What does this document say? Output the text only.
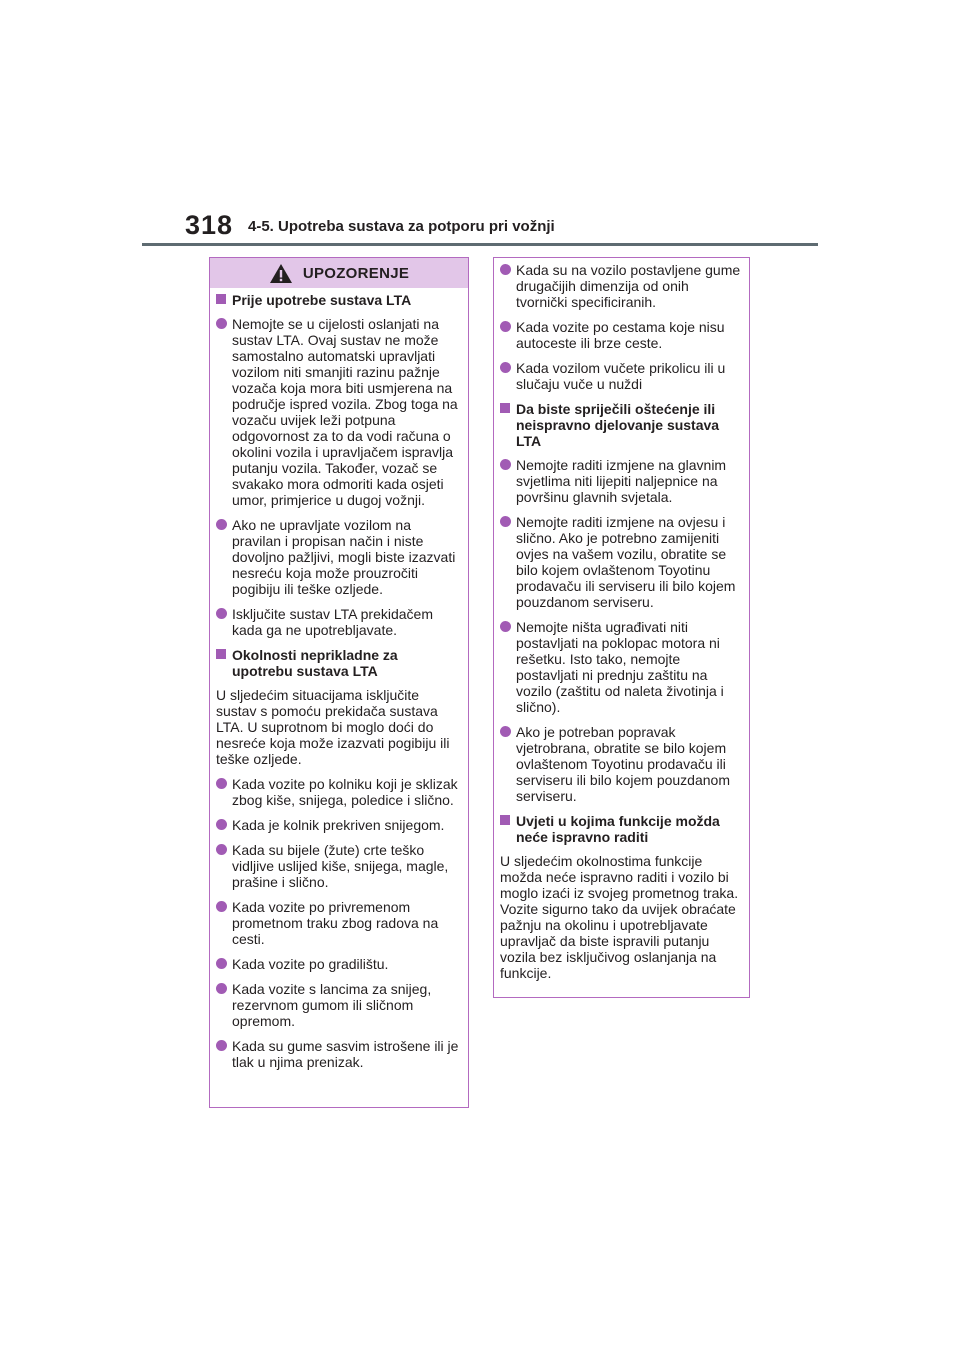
318 4-5. Upotreba sustava za potporu pri vožnji
UPOZORENJE
Prije upotrebe sustava LTA
Nemojte se u cijelosti oslanjati na sustav LTA. Ovaj sustav ne može samostalno automatski upravljati vozilom niti smanjiti razinu pažnje vozača koja mora biti usmjerena na područje ispred vozila. Zbog toga na vozaču uvijek leži potpuna odgovornost za to da vodi računa o okolini vozila i upravljačem ispravlja putanju vozila. Također, vozač se svakako mora odmoriti kada osjeti umor, primjerice u dugoj vožnji.
Ako ne upravljate vozilom na pravilan i propisan način i niste dovoljno pažljivi, mogli biste izazvati nesreću koja može prouzročiti pogibiju ili teške ozljede.
Isključite sustav LTA prekidačem kada ga ne upotrebljavate.
Okolnosti neprikladne za upotrebu sustava LTA
U sljedećim situacijama isključite sustav s pomoću prekidača sustava LTA. U suprotnom bi moglo doći do nesreće koja može izazvati pogibiju ili teške ozljede.
Kada vozite po kolniku koji je sklizak zbog kiše, snijega, poledice i slično.
Kada je kolnik prekriven snijegom.
Kada su bijele (žute) crte teško vidljive uslijed kiše, snijega, magle, prašine i slično.
Kada vozite po privremenom prometnom traku zbog radova na cesti.
Kada vozite po gradilištu.
Kada vozite s lancima za snijeg, rezervnom gumom ili sličnom opremom.
Kada su gume sasvim istrošene ili je tlak u njima prenizak.
Kada su na vozilo postavljene gume drugačijih dimenzija od onih tvornički specificiranih.
Kada vozite po cestama koje nisu autoceste ili brze ceste.
Kada vozilom vučete prikolicu ili u slučaju vuče u nuždi
Da biste spriječili oštećenje ili neispravno djelovanje sustava LTA
Nemojte raditi izmjene na glavnim svjetlima niti lijepiti naljepnice na površinu glavnih svjetala.
Nemojte raditi izmjene na ovjesu i slično. Ako je potrebno zamijeniti ovjes na vašem vozilu, obratite se bilo kojem ovlaštenom Toyotinu prodavaču ili serviseru ili bilo kojem pouzdanom serviseru.
Nemojte ništa ugrađivati niti postavljati na poklopac motora ni rešetku. Isto tako, nemojte postavljati ni prednju zaštitu na vozilo (zaštitu od naleta životinja i slično).
Ako je potreban popravak vjetrobrana, obratite se bilo kojem ovlaštenom Toyotinu prodavaču ili serviseru ili bilo kojem pouzdanom serviseru.
Uvjeti u kojima funkcije možda neće ispravno raditi
U sljedećim okolnostima funkcije možda neće ispravno raditi i vozilo bi moglo izaći iz svojeg prometnog traka. Vozite sigurno tako da uvijek obraćate pažnju na okolinu i upotrebljavate upravljač da biste ispravili putanju vozila bez isključivog oslanjanja na funkcije.
